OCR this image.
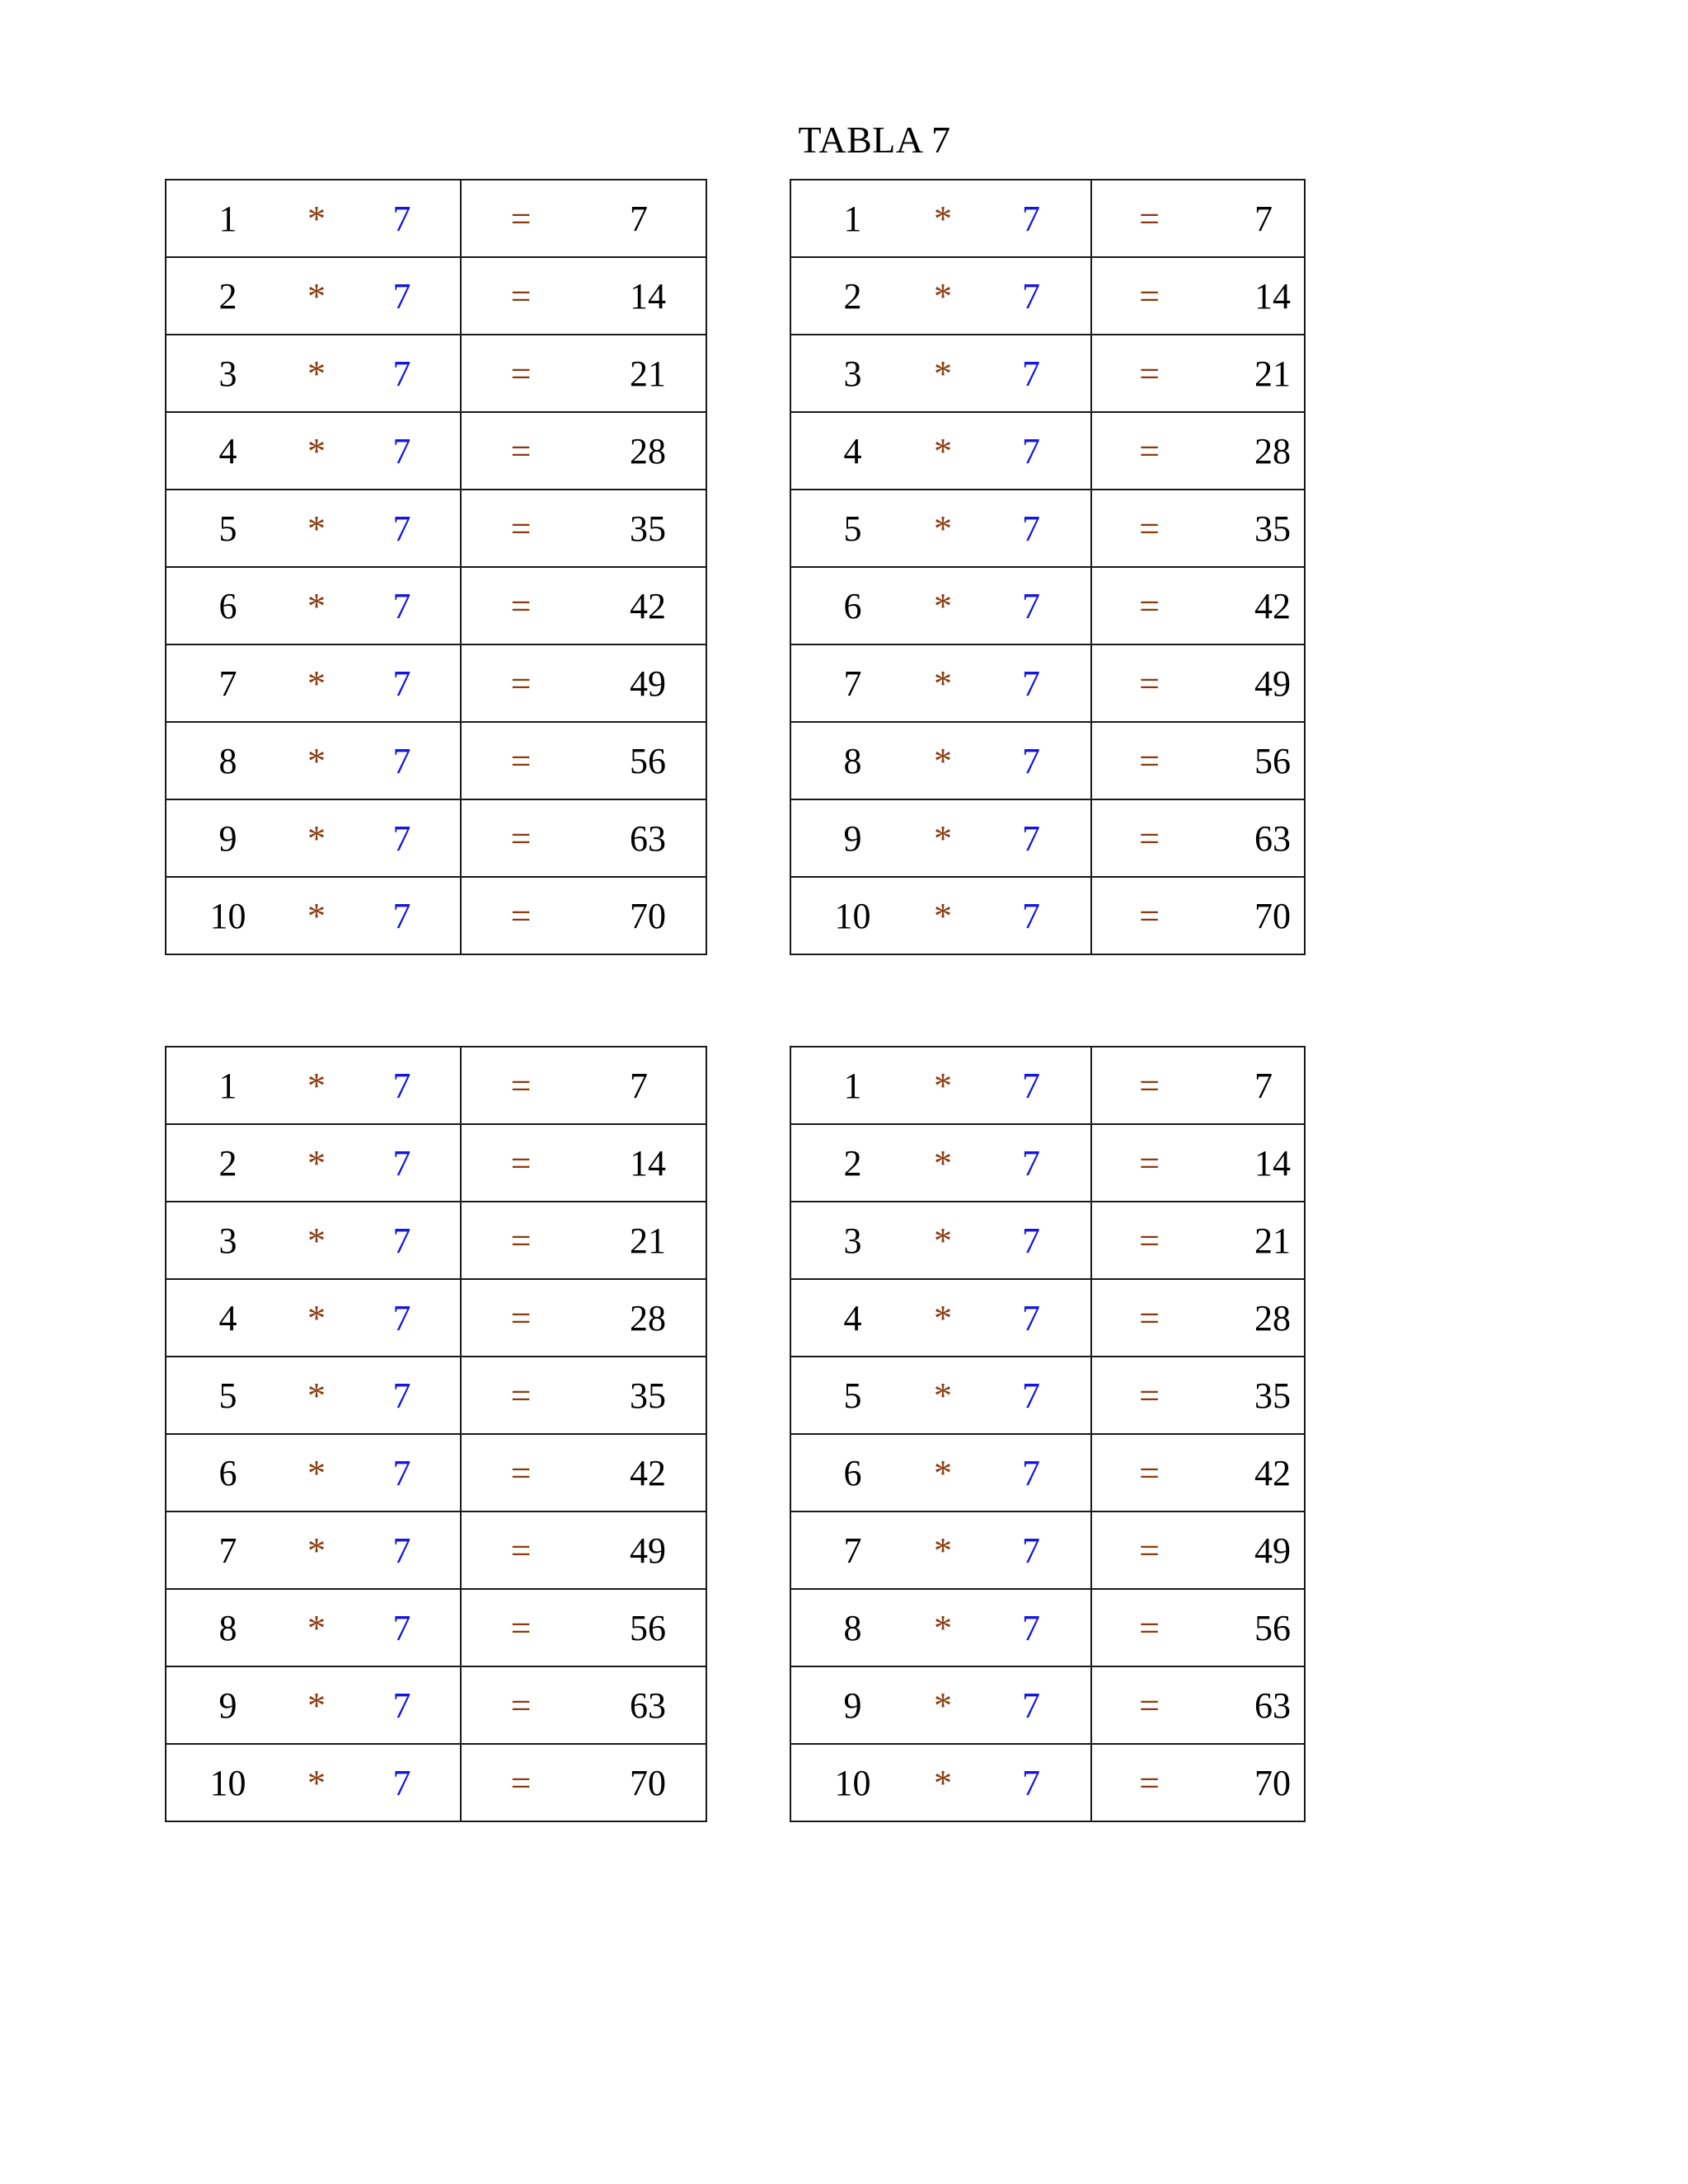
TABLA 7
1	*	7	=	7
2	*	7	=	14
3	*	7	=	21
4	*	7	=	28
5	*	7	=	35
6	*	7	=	42
7	*	7	=	49
8	*	7	=	56
9	*	7	=	63
10	*	7	=	70
1	*	7	=	7
2	*	7	=	14
3	*	7	=	21
4	*	7	=	28
5	*	7	=	35
6	*	7	=	42
7	*	7	=	49
8	*	7	=	56
9	*	7	=	63
10	*	7	=	70
1	*	7	=	7
2	*	7	=	14
3	*	7	=	21
4	*	7	=	28
5	*	7	=	35
6	*	7	=	42
7	*	7	=	49
8	*	7	=	56
9	*	7	=	63
10	*	7	=	70
1	*	7	=	7
2	*	7	=	14
3	*	7	=	21
4	*	7	=	28
5	*	7	=	35
6	*	7	=	42
7	*	7	=	49
8	*	7	=	56
9	*	7	=	63
10	*	7	=	70
